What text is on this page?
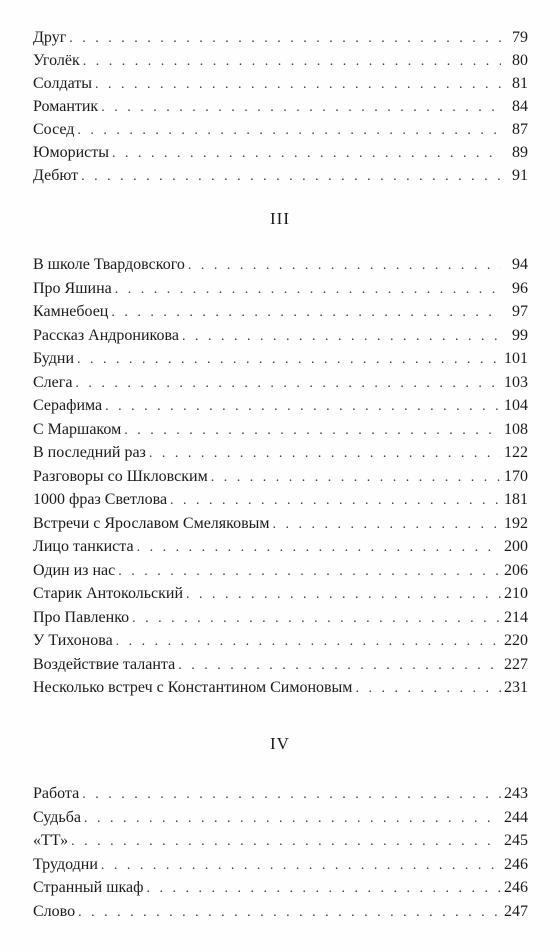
III
IV
Друг . . .	79
Уголёк . . .	80
Солдаты . . .	81
Романтик . . .	84
Сосед . . .	87
Юмористы . . .	89
Дебют . . .	91
В школе Твардовского . . .	94
Про Яшина . . .	96
Камнебоец . . .	97
Рассказ Андроникова . . .	99
Будни . . .	101
Слега . . .	103
Серафима . . .	104
С Маршаком . . .	108
В последний раз . . .	122
Разговоры со Шкловским . . .	170
1000 фраз Светлова . . .	181
Встречи с Ярославом Смеляковым . . .	192
Лицо танкиста . . .	200
Один из нас . . .	206
Старик Антокольский . . .	210
Про Павленко . . .	214
У Тихонова . . .	220
Воздействие таланта . . .	227
Несколько встреч с Константином Симоновым . . .	231
Работа . . .	243
Судьба . . .	244
«ТТ» . . .	245
Трудодни . . .	246
Странный шкаф . . .	246
Слово . . .	247
